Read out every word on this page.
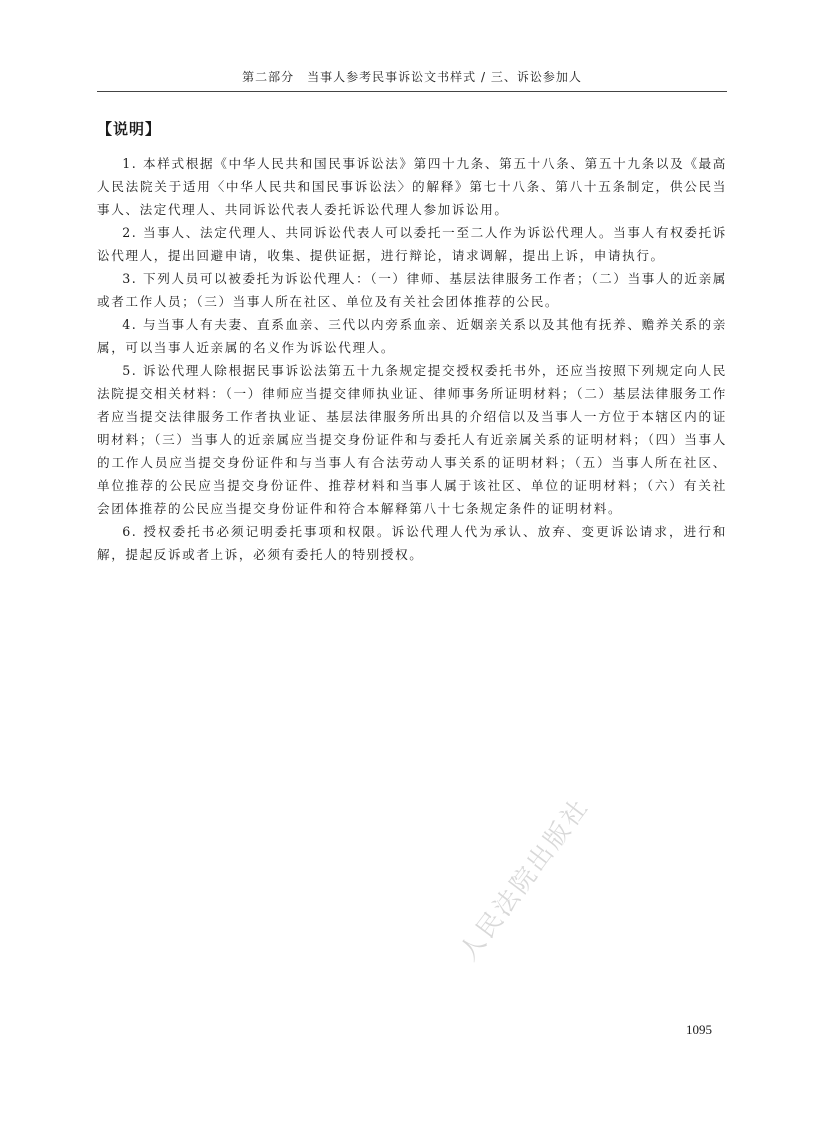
第二部分　当事人参考民事诉讼文书样式 / 三、诉讼参加人
【说明】

1. 本样式根据《中华人民共和国民事诉讼法》第四十九条、第五十八条、第五十九条以及《最高人民法院关于适用〈中华人民共和国民事诉讼法〉的解释》第七十八条、第八十五条制定，供公民当事人、法定代理人、共同诉讼代表人委托诉讼代理人参加诉讼用。

2. 当事人、法定代理人、共同诉讼代表人可以委托一至二人作为诉讼代理人。当事人有权委托诉讼代理人，提出回避申请，收集、提供证据，进行辩论，请求调解，提出上诉，申请执行。

3. 下列人员可以被委托为诉讼代理人：（一）律师、基层法律服务工作者；（二）当事人的近亲属或者工作人员；（三）当事人所在社区、单位及有关社会团体推荐的公民。

4. 与当事人有夫妻、直系血亲、三代以内旁系血亲、近姻亲关系以及其他有抚养、赡养关系的亲属，可以当事人近亲属的名义作为诉讼代理人。

5. 诉讼代理人除根据民事诉讼法第五十九条规定提交授权委托书外，还应当按照下列规定向人民法院提交相关材料：（一）律师应当提交律师执业证、律师事务所证明材料；（二）基层法律服务工作者应当提交法律服务工作者执业证、基层法律服务所出具的介绍信以及当事人一方位于本辖区内的证明材料；（三）当事人的近亲属应当提交身份证件和与委托人有近亲属关系的证明材料；（四）当事人的工作人员应当提交身份证件和与当事人有合法劳动人事关系的证明材料；（五）当事人所在社区、单位推荐的公民应当提交身份证件、推荐材料和当事人属于该社区、单位的证明材料；（六）有关社会团体推荐的公民应当提交身份证件和符合本解释第八十七条规定条件的证明材料。

6. 授权委托书必须记明委托事项和权限。诉讼代理人代为承认、放弃、变更诉讼请求，进行和解，提起反诉或者上诉，必须有委托人的特别授权。

人民法院出版社
1095
